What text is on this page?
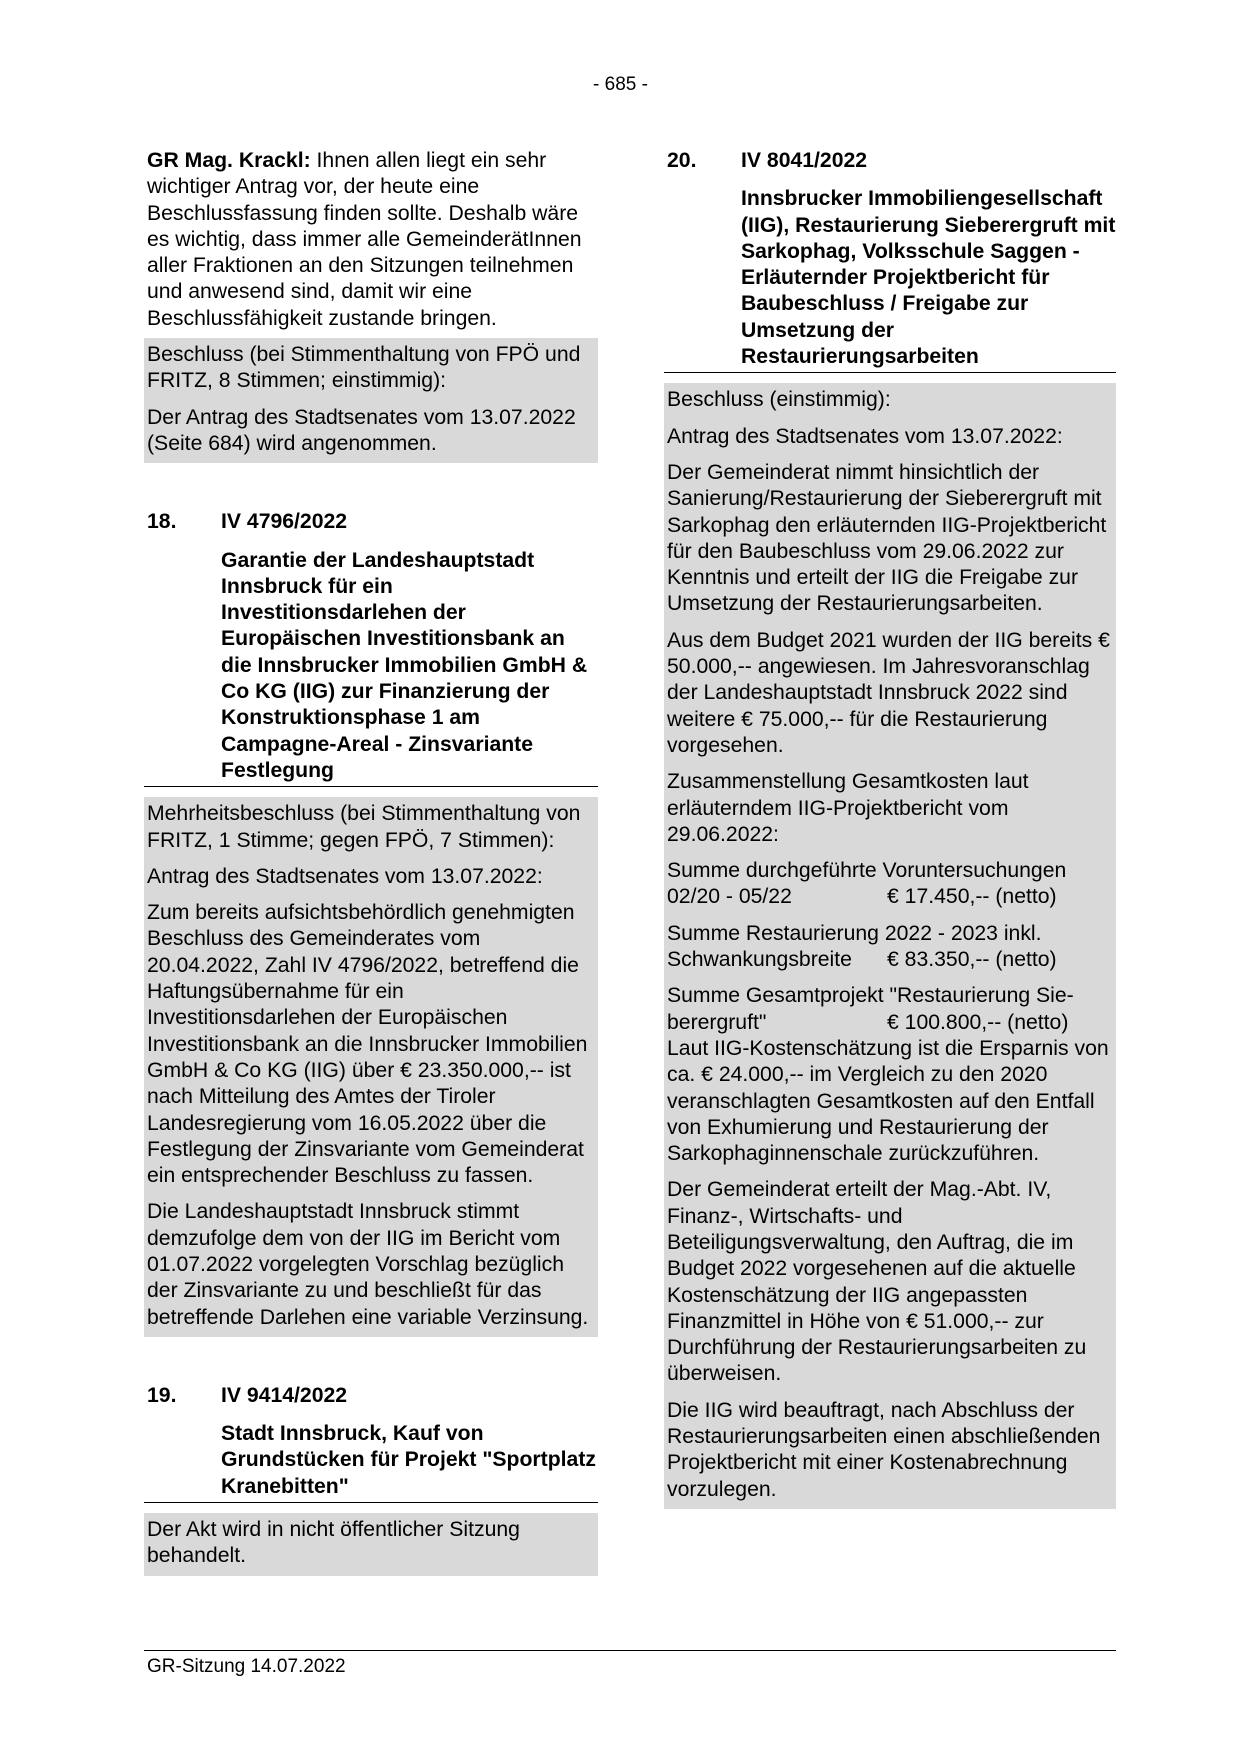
- 685 -

GR Mag. Krackl: Ihnen allen liegt ein sehr wichtiger Antrag vor, der heute eine Beschlussfassung finden sollte. Deshalb wäre es wichtig, dass immer alle GemeinderätInnen aller Fraktionen an den Sitzungen teilnehmen und anwesend sind, damit wir eine Beschlussfähigkeit zustande bringen.

Beschluss (bei Stimmenthaltung von FPÖ und FRITZ, 8 Stimmen; einstimmig):

Der Antrag des Stadtsenates vom 13.07.2022 (Seite 684) wird angenommen.

18.	IV 4796/2022

Garantie der Landeshauptstadt Innsbruck für ein Investitionsdarlehen der Europäischen Investitionsbank an die Innsbrucker Immobilien GmbH & Co KG (IIG) zur Finanzierung der Konstruktionsphase 1 am Campagne-Areal - Zinsvariante Festlegung

Mehrheitsbeschluss (bei Stimmenthaltung von FRITZ, 1 Stimme; gegen FPÖ, 7 Stimmen):

Antrag des Stadtsenates vom 13.07.2022:

Zum bereits aufsichtsbehördlich genehmigten Beschluss des Gemeinderates vom 20.04.2022, Zahl IV 4796/2022, betreffend die Haftungsübernahme für ein Investitionsdarlehen der Europäischen Investitionsbank an die Innsbrucker Immobilien GmbH & Co KG (IIG) über € 23.350.000,-- ist nach Mitteilung des Amtes der Tiroler Landesregierung vom 16.05.2022 über die Festlegung der Zinsvariante vom Gemeinderat ein entsprechender Beschluss zu fassen.

Die Landeshauptstadt Innsbruck stimmt demzufolge dem von der IIG im Bericht vom 01.07.2022 vorgelegten Vorschlag bezüglich der Zinsvariante zu und beschließt für das betreffende Darlehen eine variable Verzinsung.

19.	IV 9414/2022

Stadt Innsbruck, Kauf von Grundstücken für Projekt "Sportplatz Kranebitten"

Der Akt wird in nicht öffentlicher Sitzung behandelt.

20.	IV 8041/2022

Innsbrucker Immobiliengesellschaft (IIG), Restaurierung Sieberergruft mit Sarkophag, Volksschule Saggen - Erläuternder Projektbericht für Baubeschluss / Freigabe zur Umsetzung der Restaurierungsarbeiten

Beschluss (einstimmig):

Antrag des Stadtsenates vom 13.07.2022:

Der Gemeinderat nimmt hinsichtlich der Sanierung/Restaurierung der Sieberergruft mit Sarkophag den erläuternden IIG-Projektbericht für den Baubeschluss vom 29.06.2022 zur Kenntnis und erteilt der IIG die Freigabe zur Umsetzung der Restaurierungsarbeiten.

Aus dem Budget 2021 wurden der IIG bereits € 50.000,-- angewiesen. Im Jahresvoranschlag der Landeshauptstadt Innsbruck 2022 sind weitere € 75.000,-- für die Restaurierung vorgesehen.

Zusammenstellung Gesamtkosten laut erläuterndem IIG-Projektbericht vom 29.06.2022:

Summe durchgeführte Voruntersuchungen

02/20 - 05/22	€ 17.450,-- (netto)

Summe Restaurierung 2022 - 2023 inkl.

Schwankungsbreite	€ 83.350,-- (netto)

Summe Gesamtprojekt "Restaurierung Sie-

berergruft"	€ 100.800,-- (netto)

Laut IIG-Kostenschätzung ist die Ersparnis von ca. € 24.000,-- im Vergleich zu den 2020 veranschlagten Gesamtkosten auf den Entfall von Exhumierung und Restaurierung der Sarkophaginnenschale zurückzuführen.

Der Gemeinderat erteilt der Mag.-Abt. IV, Finanz-, Wirtschafts- und Beteiligungsverwaltung, den Auftrag, die im Budget 2022 vorgesehenen auf die aktuelle Kostenschätzung der IIG angepassten Finanzmittel in Höhe von € 51.000,-- zur Durchführung der Restaurierungsarbeiten zu überweisen.

Die IIG wird beauftragt, nach Abschluss der Restaurierungsarbeiten einen abschließenden Projektbericht mit einer Kostenabrechnung vorzulegen.

GR-Sitzung 14.07.2022
